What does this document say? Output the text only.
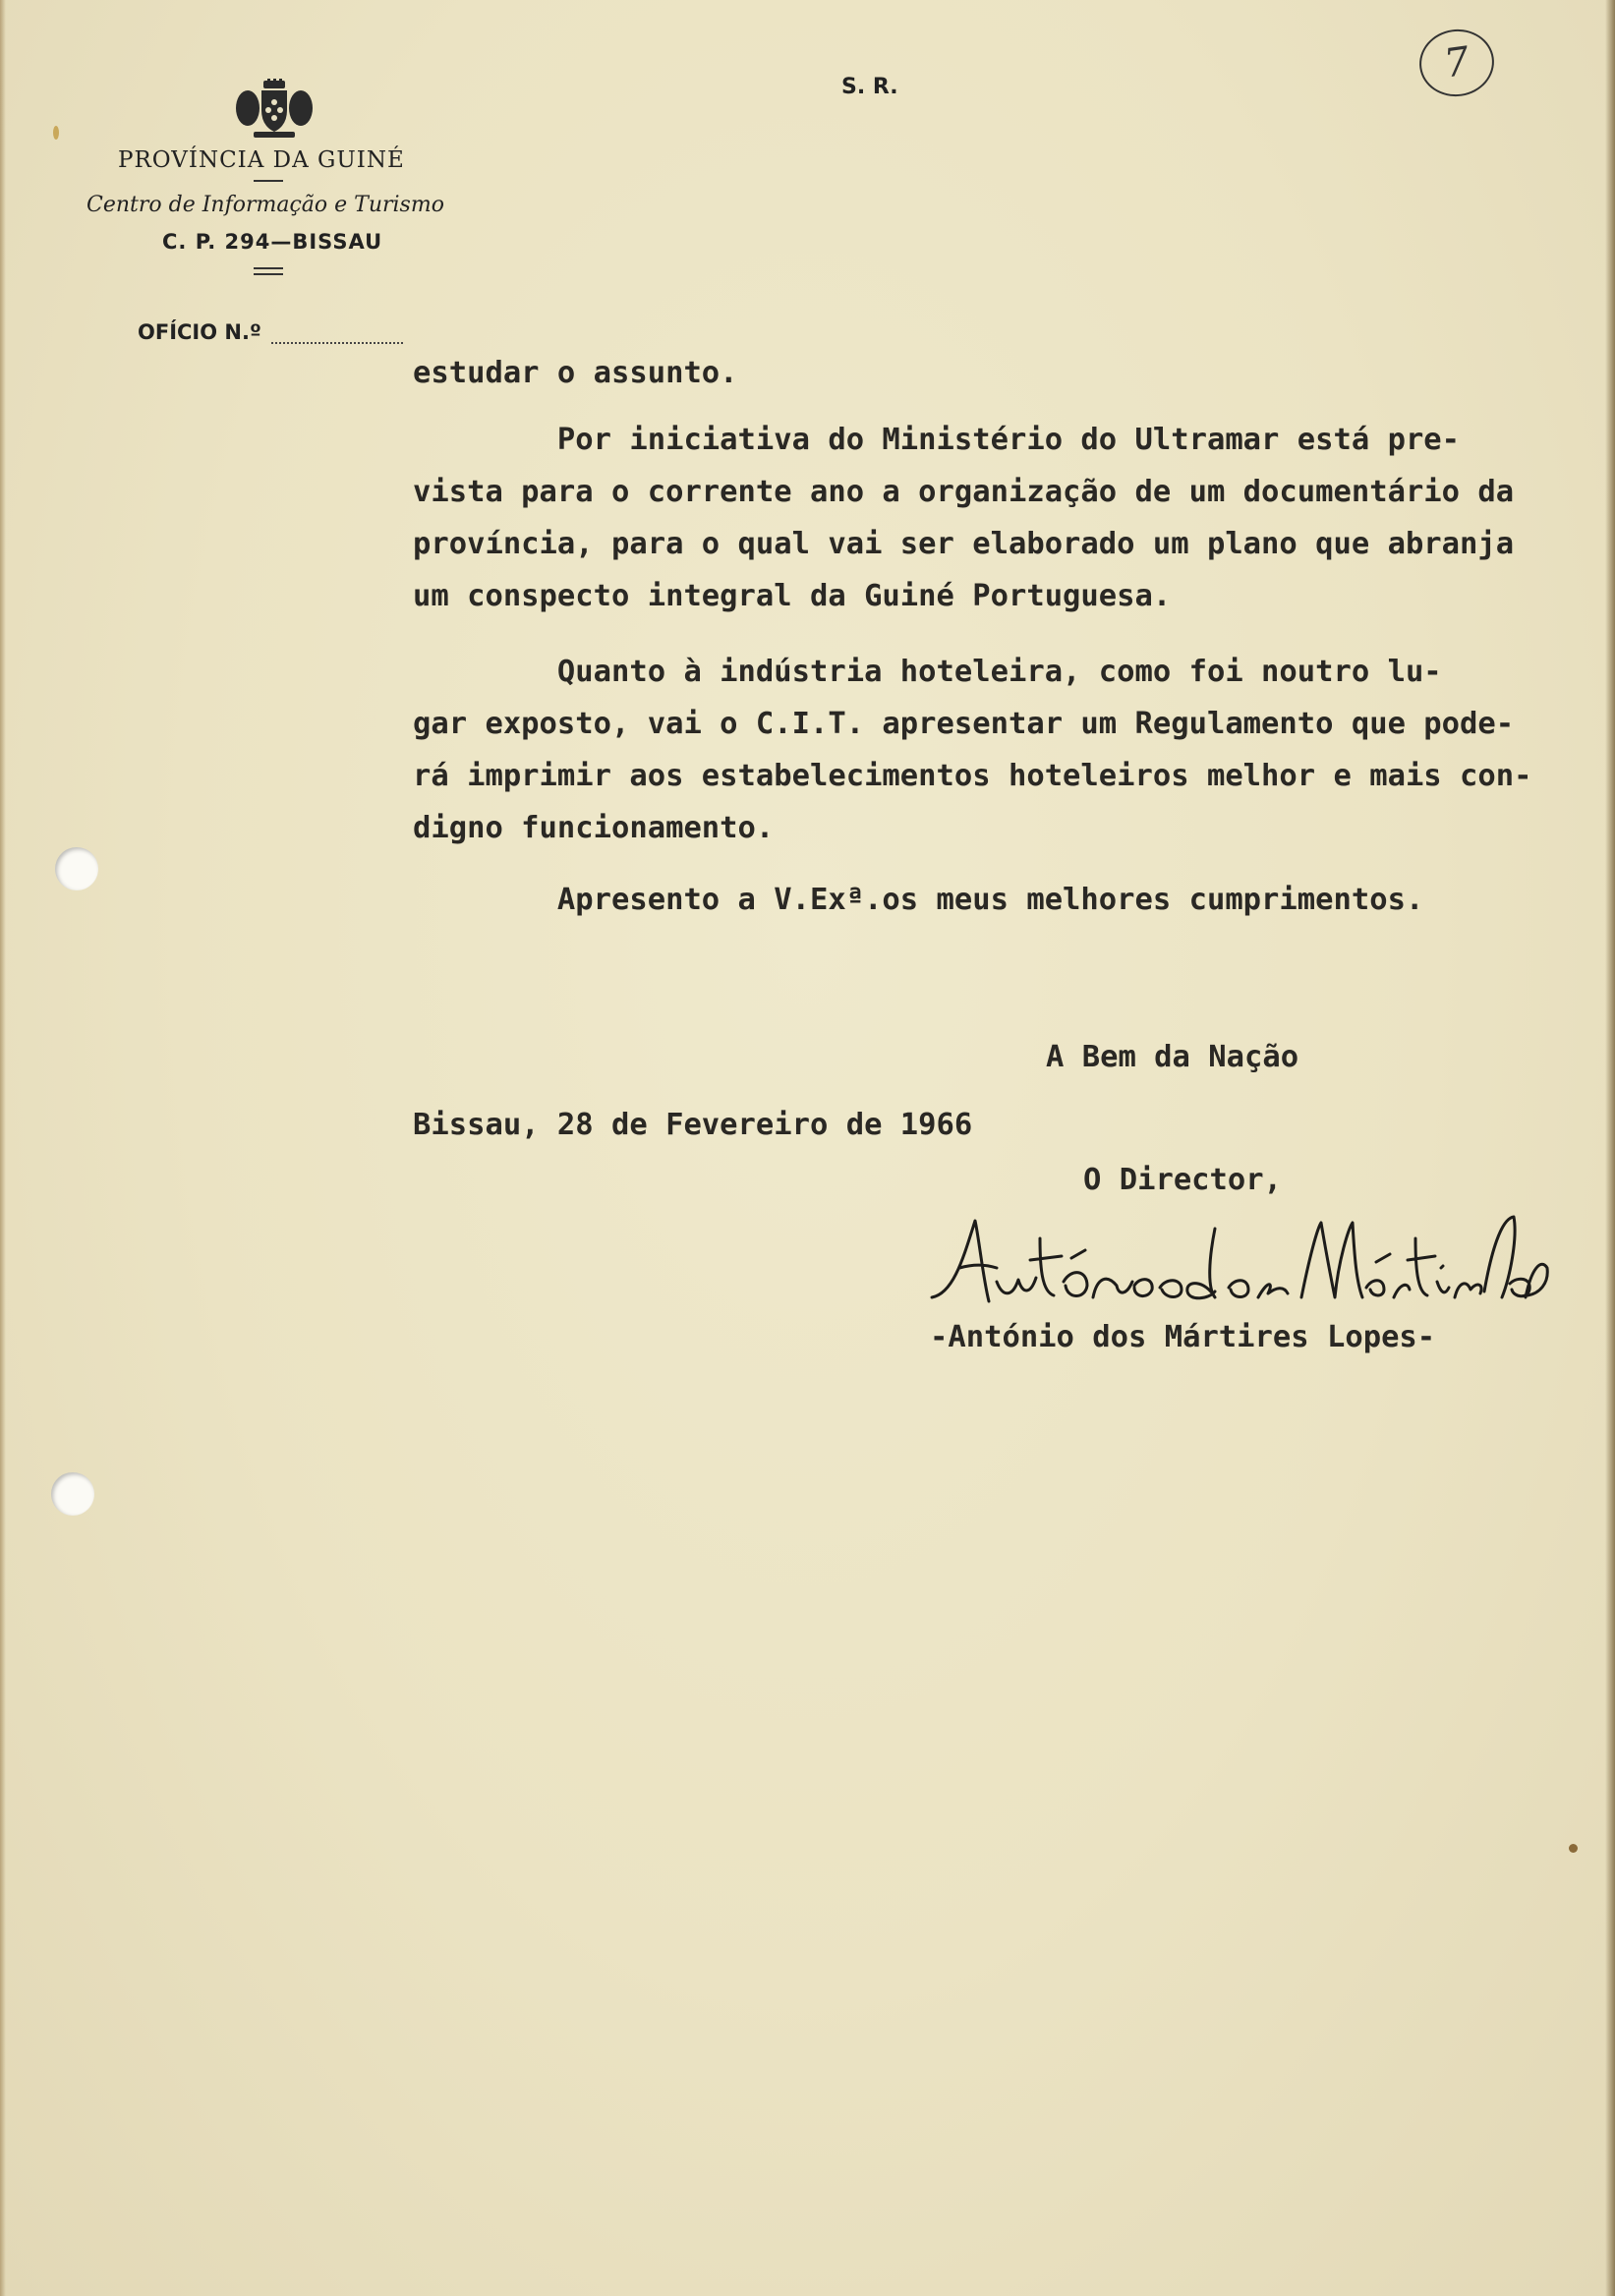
PROVÍNCIA DA GUINÉ
Centro de Informação e Turismo
C. P. 294—BISSAU
S. R.	7
OFÍCIO N.º
estudar o assunto.
Por iniciativa do Ministério do Ultramar está pre-
vista para o corrente ano a organização de um documentário da
província, para o qual vai ser elaborado um plano que abranja
um conspecto integral da Guiné Portuguesa.
Quanto à indústria hoteleira, como foi noutro lu-
gar exposto, vai o C.I.T. apresentar um Regulamento que pode-
rá imprimir aos estabelecimentos hoteleiros melhor e mais con-
digno funcionamento.
Apresento a V.Exª.os meus melhores cumprimentos.
A Bem da Nação
Bissau, 28 de Fevereiro de 1966
O Director,
-António dos Mártires Lopes-
